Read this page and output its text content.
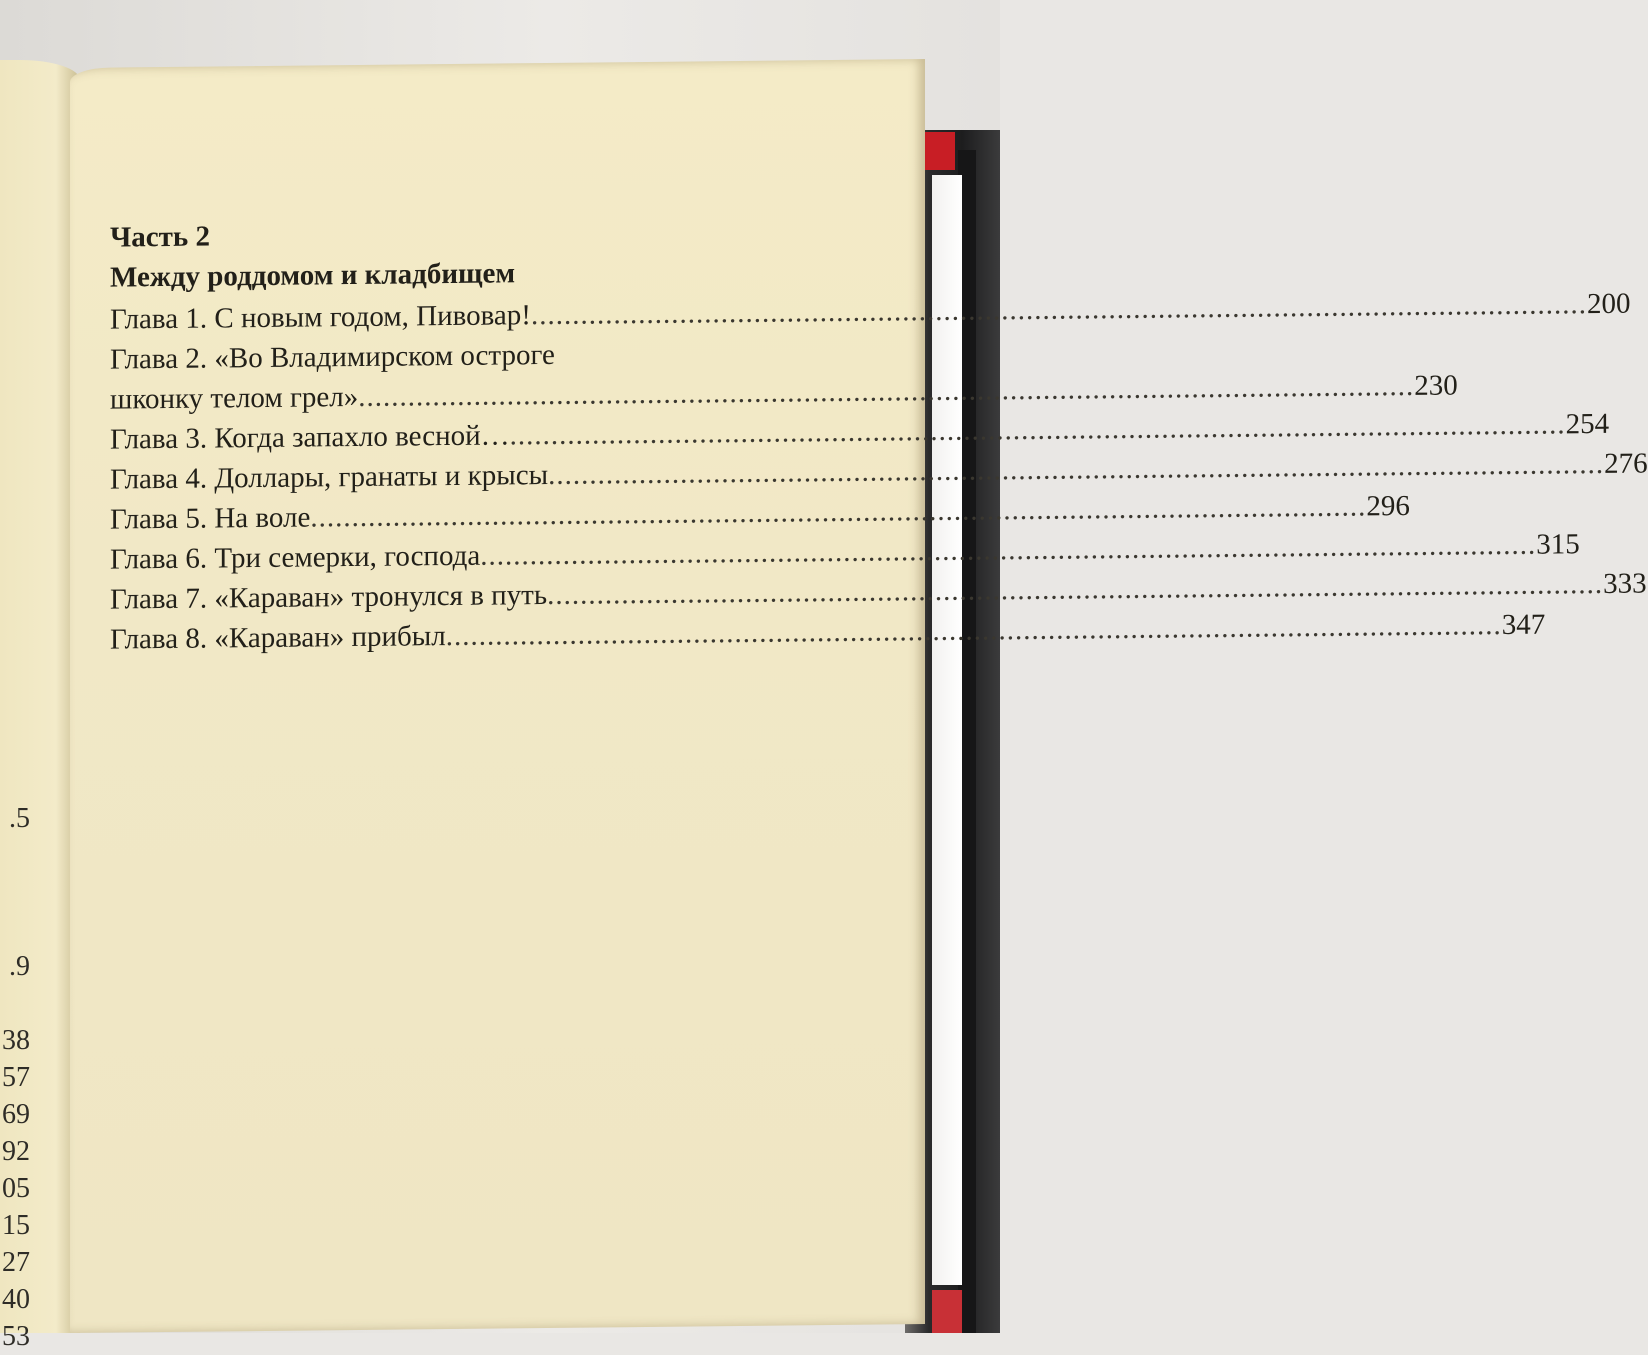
.5
.9
38
57
69
92
05
15
27
40
53

Часть 2

Между роддомом и кладбищем

Глава 1. С новым годом, Пивовар! .....	200
Глава 2. «Во Владимирском остроге
шконку телом грел» .....	230
Глава 3. Когда запахло весной… .....	254
Глава 4. Доллары, гранаты и крысы .....	276
Глава 5. На воле .....	296
Глава 6. Три семерки, господа .....	315
Глава 7. «Караван» тронулся в путь .....	333
Глава 8. «Караван» прибыл .....	347
